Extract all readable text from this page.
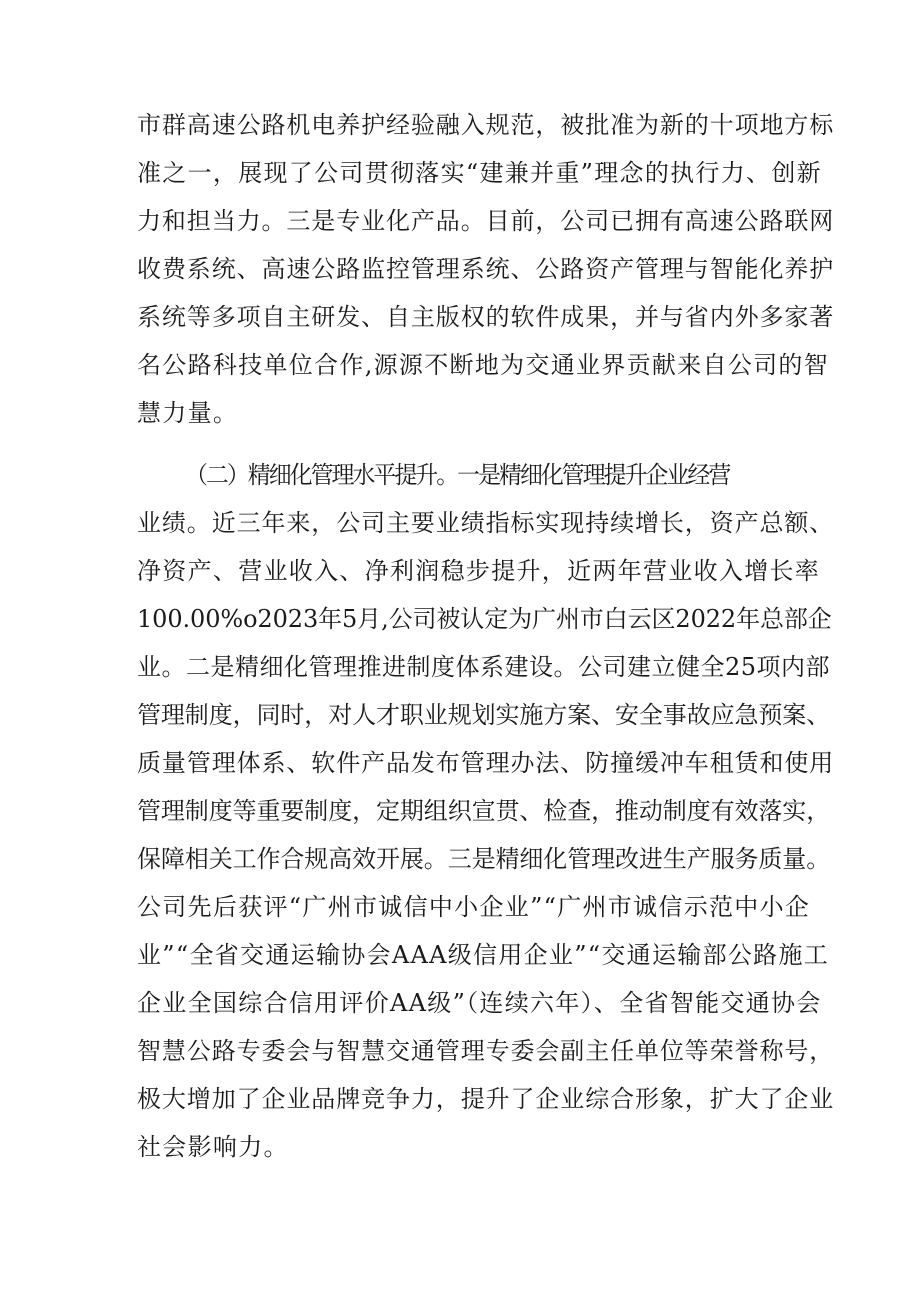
市群高速公路机电养护经验融入规范，被批准为新的十项地方标

准之一，展现了公司贯彻落实“建兼并重”理念的执行力、创新

力和担当力。三是专业化产品。目前，公司已拥有高速公路联网

收费系统、高速公路监控管理系统、公路资产管理与智能化养护

系统等多项自主研发、自主版权的软件成果，并与省内外多家著

名公路科技单位合作,源源不断地为交通业界贡献来自公司的智

慧力量。

（二）精细化管理水平提升。一是精细化管理提升企业经营

业绩。近三年来，公司主要业绩指标实现持续增长，资产总额、

净资产、营业收入、净利润稳步提升，近两年营业收入增长率

100.00%o2023年5月,公司被认定为广州市白云区2022年总部企

业。二是精细化管理推进制度体系建设。公司建立健全25项内部

管理制度，同时，对人才职业规划实施方案、安全事故应急预案、

质量管理体系、软件产品发布管理办法、防撞缓冲车租赁和使用

管理制度等重要制度，定期组织宣贯、检查，推动制度有效落实，

保障相关工作合规高效开展。三是精细化管理改进生产服务质量。

公司先后获评“广州市诚信中小企业”“广州市诚信示范中小企

业”“全省交通运输协会AAA级信用企业”“交通运输部公路施工

企业全国综合信用评价AA级”（连续六年）、全省智能交通协会

智慧公路专委会与智慧交通管理专委会副主任单位等荣誉称号，

极大增加了企业品牌竞争力，提升了企业综合形象，扩大了企业

社会影响力。
